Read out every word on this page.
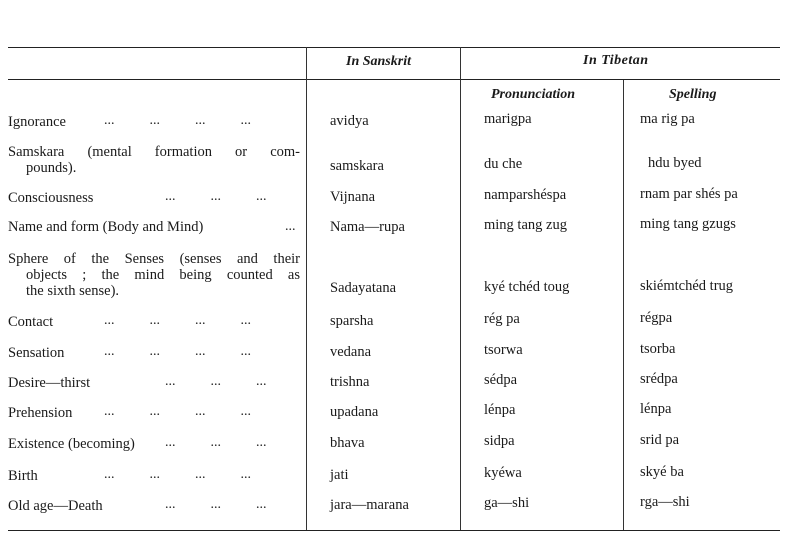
In Sanskrit	In Tibetan
Pronunciation	Spelling
Ignorance	...          ...          ...          ...	avidya	marigpa	ma rig pa
Samskara (mental formation or com-
pounds).	samskara	du che	hdu byed
Consciousness	...          ...          ...	Vijnana	namparshéspa	rnam par shés pa
Name and form (Body and Mind)	... Nama—rupa	ming tang zug	ming tang gzugs
Sphere of the Senses (senses and their
objects ; the mind being counted as
the sixth sense).	Sadayatana	kyé tchéd toug	skiémtchéd trug
Contact	...          ...          ...          ...	sparsha	rég pa	régpa
Sensation	...          ...          ...          ...	vedana	tsorwa	tsorba
Desire—thirst	...          ...          ...	trishna	sédpa	srédpa
Prehension	...          ...          ...          ...	upadana	lénpa	lénpa
Existence (becoming)	...          ...          ...	bhava	sidpa	srid pa
Birth	...          ...          ...          ...	jati	kyéwa	skyé ba
Old age—Death	...          ...          ...	jara—marana	ga—shi	rga—shi
